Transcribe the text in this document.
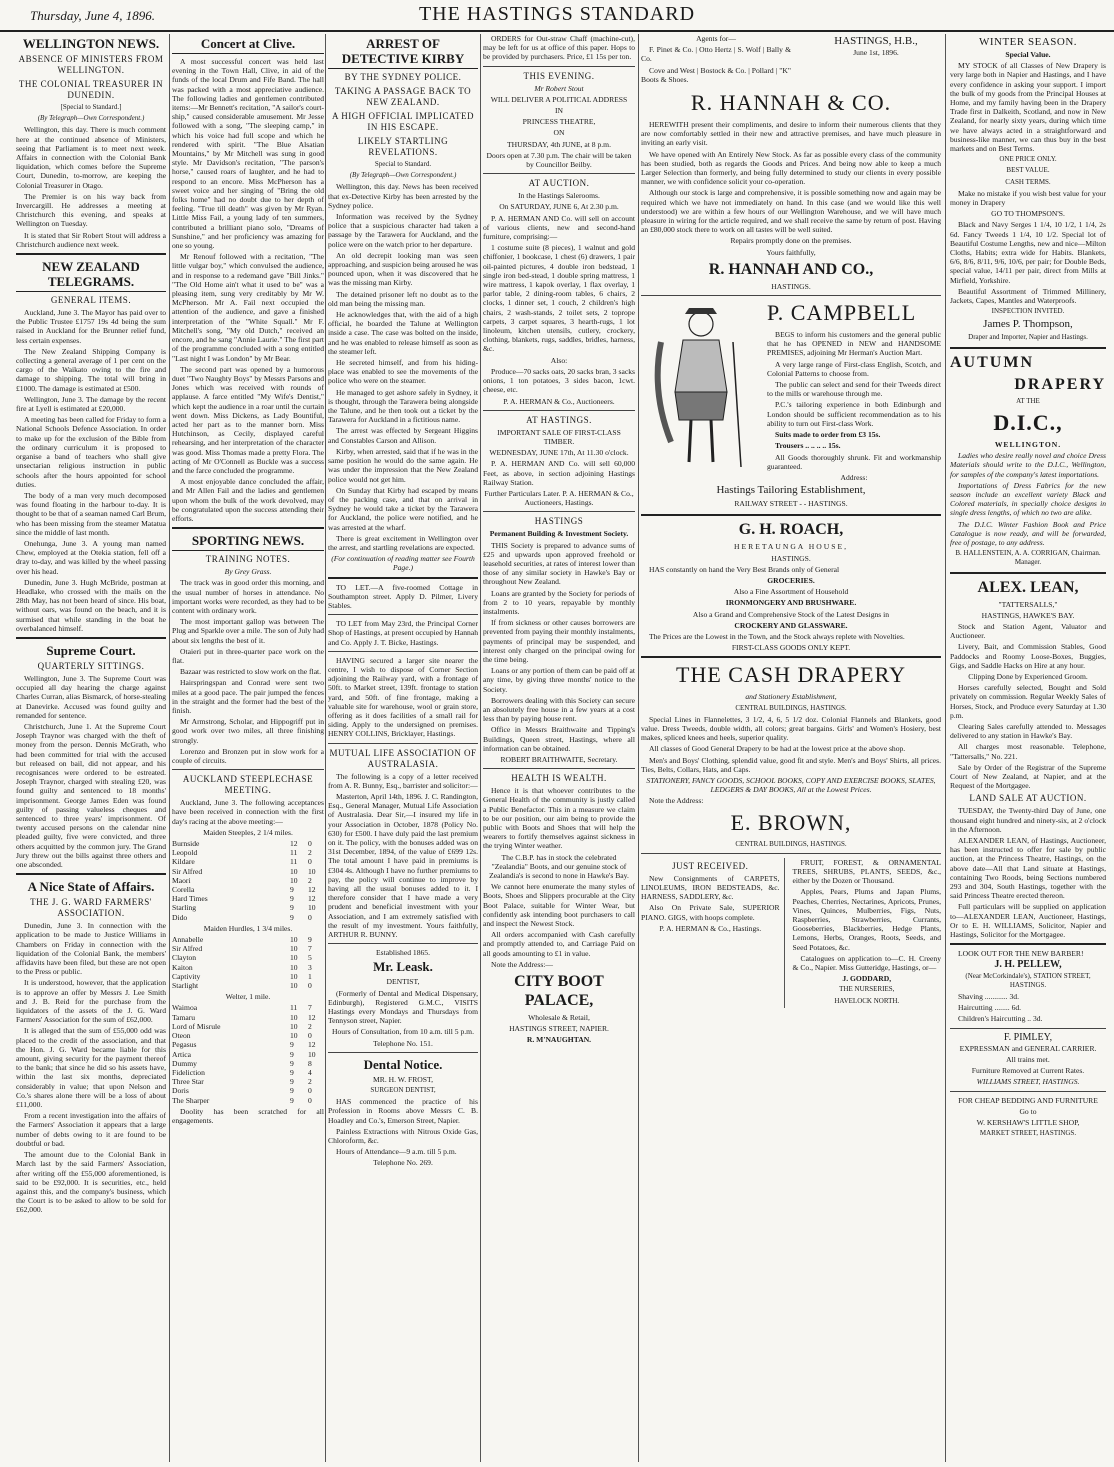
Thursday, June 4, 1896.	THE HASTINGS STANDARD
WELLINGTON NEWS.
ABSENCE OF MINISTERS FROM WELLINGTON.
THE COLONIAL TREASURER IN DUNEDIN.

[Special to Standard.]

(By Telegraph—Own Correspondent.)

Wellington, this day. There is much comment here at the continued absence of Ministers, seeing that Parliament is to meet next week. Affairs in connection with the Colonial Bank liquidation, which comes before the Supreme Court, Dunedin, to-morrow, are keeping the Colonial Treasurer in Otago.

The Premier is on his way back from Invercargill. He addresses a meeting at Christchurch this evening, and speaks at Wellington on Tuesday.

It is stated that Sir Robert Stout will address a Christchurch audience next week.

NEW ZEALAND TELEGRAMS.
GENERAL ITEMS.

Auckland, June 3. The Mayor has paid over to the Public Trustee £1757 19s 4d being the sum raised in Auckland for the Brunner relief fund, less certain expenses.

The New Zealand Shipping Company is collecting a general average of 1 per cent on the cargo of the Waikato owing to the fire and damage to shipping. The total will bring in £1000. The damage is estimated at £500.

Wellington, June 3. The damage by the recent fire at Lyell is estimated at £20,000.

A meeting has been called for Friday to form a National Schools Defence Association. In order to make up for the exclusion of the Bible from the ordinary curriculum it is proposed to organise a band of teachers who shall give unsectarian religious instruction in public schools after the hours appointed for school duties.

The body of a man very much decomposed was found floating in the harbour to-day. It is thought to be that of a seaman named Carl Brum, who has been missing from the steamer Matatua since the middle of last month.

Onehunga, June 3. A young man named Chew, employed at the Otekia station, fell off a dray to-day, and was killed by the wheel passing over his head.

Dunedin, June 3. Hugh McBride, postman at Headlake, who crossed with the mails on the 28th May, has not been heard of since. His boat, without oars, was found on the beach, and it is surmised that while standing in the boat he overbalanced himself.

Supreme Court.
QUARTERLY SITTINGS.

Wellington, June 3. The Supreme Court was occupied all day hearing the charge against Charles Curran, alias Bismarck, of horse-stealing at Danevirke. Accused was found guilty and remanded for sentence.

Christchurch, June 1. At the Supreme Court Joseph Traynor was charged with the theft of money from the person. Dennis McGrath, who had been committed for trial with the accused but released on bail, did not appear, and his recognisances were ordered to be estreated. Joseph Traynor, charged with stealing £20, was found guilty and sentenced to 18 months' imprisonment. George James Eden was found guilty of passing valueless cheques and sentenced to three years' imprisonment. Of twenty accused persons on the calendar nine pleaded guilty, five were convicted, and three others acquitted by the common jury. The Grand Jury threw out the bills against three others and one absconded.

A Nice State of Affairs.
THE J. G. WARD FARMERS' ASSOCIATION.

Dunedin, June 3. In connection with the application to be made to Justice Williams in Chambers on Friday in connection with the liquidation of the Colonial Bank, the members' affidavits have been filed, but these are not open to the Press or public.

It is understood, however, that the application is to approve an offer by Messrs J. Lee Smith and J. B. Reid for the purchase from the liquidators of the assets of the J. G. Ward Farmers' Association for the sum of £62,000.

It is alleged that the sum of £55,000 odd was placed to the credit of the association, and that the Hon. J. G. Ward became liable for this amount, giving security for the payment thereof to the bank; that since he did so his assets have, within the last six months, depreciated considerably in value; that upon Nelson and Co.'s shares alone there will be a loss of about £11,000.

From a recent investigation into the affairs of the Farmers' Association it appears that a large number of debts owing to it are found to be doubtful or bad.

The amount due to the Colonial Bank in March last by the said Farmers' Association, after writing off the £55,000 aforementioned, is said to be £92,000. It is securities, etc., held against this, and the company's business, which the Court is to be asked to allow to be sold for £62,000.

Concert at Clive.

A most successful concert was held last evening in the Town Hall, Clive, in aid of the funds of the local Drum and Fife Band. The hall was packed with a most appreciative audience. The following ladies and gentlemen contributed items:—Mr Bennett's recitation, "A sailor's court-ship," caused considerable amusement. Mr Jesse followed with a song, "The sleeping camp," in which his voice had full scope and which he rendered with spirit. "The Blue Alsatian Mountains," by Mr Mitchell was sung in good style. Mr Davidson's recitation, "The parson's horse," caused roars of laughter, and he had to respond to an encore. Miss McPherson has a sweet voice and her singing of "Bring the old folks home" had no doubt due to her depth of feeling. "True till death" was given by Mr Ryan. Little Miss Fail, a young lady of ten summers, contributed a brilliant piano solo, "Dreams of Sunshine," and her proficiency was amazing for one so young.

Mr Renouf followed with a recitation, "The little vulgar boy," which convulsed the audience, and in response to a redemand gave "Bill Jinks." "The Old Home ain't what it used to be" was a pleasing item, sung very creditably by Mr W. McPherson. Mr A. Fail next occupied the attention of the audience, and gave a finished interpretation of the "White Squall." Mr F. Mitchell's song, "My old Dutch," received an encore, and he sang "Annie Laurie." The first part of the programme concluded with a song entitled "Last night I was London" by Mr Bear.

The second part was opened by a humorous duet "Two Naughty Boys" by Messrs Parsons and Jones which was received with rounds of applause. A farce entitled "My Wife's Dentist," which kept the audience in a roar until the curtain went down. Miss Dickens, as Lady Bountiful, acted her part as to the manner born. Miss Hutchinson, as Cecily, displayed careful rehearsing, and her interpretation of the character was good. Miss Thomas made a pretty Flora. The acting of Mr O'Connell as Buckle was a success and the farce concluded the programme.

A most enjoyable dance concluded the affair, and Mr Allen Fail and the ladies and gentlemen upon whom the bulk of the work devolved, may be congratulated upon the success attending their efforts.

SPORTING NEWS.
TRAINING NOTES.

By Grey Grass.

The track was in good order this morning, and the usual number of horses in attendance. No important works were recorded, as they had to be content with ordinary work.

The most important gallop was between The Plug and Sparkle over a mile. The son of July had about six lengths the best of it.

Otaieri put in three-quarter pace work on the flat.

Bazaar was restricted to slow work on the flat.

Hairspringspan and Conrad were sent two miles at a good pace. The pair jumped the fences in the straight and the former had the best of the finish.

Mr Armstrong, Scholar, and Hippogriff put in good work over two miles, all three finishing strongly.

Lorenzo and Bronzen put in slow work for a couple of circuits.

AUCKLAND STEEPLECHASE MEETING.

Auckland, June 3. The following acceptances have been received in connection with the first day's racing at the above meeting:—

Maiden Steeples, 2 1/4 miles.

Burnside	12	0
Leopold	11	2
Kildare	11	0
Sir Alfred	10	10
Maori	10	2
Corella	9	12
Hard Times	9	12
Starling	9	10
Dido	9	0

Maiden Hurdles, 1 3/4 miles.

Annabelle	10	9
Sir Alfred	10	7
Clayton	10	5
Kaiton	10	3
Captivity	10	1
Starlight	10	0

Welter, 1 mile.

Waimoa	11	7
Tamaru	10	12
Lord of Misrule	10	2
Oteon	10	0
Pegasus	9	12
Artica	9	10
Dummy	9	8
Fideliction	9	4
Three Star	9	2
Doris	9	0
The Sharper	9	0

Doolity has been scratched for all engagements.

ARREST OF DETECTIVE KIRBY
BY THE SYDNEY POLICE.
TAKING A PASSAGE BACK TO NEW ZEALAND.
A HIGH OFFICIAL IMPLICATED IN HIS ESCAPE.
LIKELY STARTLING REVELATIONS.

Special to Standard.

(By Telegraph—Own Correspondent.)

Wellington, this day. News has been received that ex-Detective Kirby has been arrested by the Sydney police.

Information was received by the Sydney police that a suspicious character had taken a passage by the Tarawera for Auckland, and the police were on the watch prior to her departure.

An old decrepit looking man was seen approaching, and suspicion being aroused he was pounced upon, when it was discovered that he was the missing man Kirby.

The detained prisoner left no doubt as to the old man being the missing man.

He acknowledges that, with the aid of a high official, he boarded the Talune at Wellington inside a case. The case was bolted on the inside, and he was enabled to release himself as soon as the steamer left.

He secreted himself, and from his hiding-place was enabled to see the movements of the police who were on the steamer.

He managed to get ashore safely in Sydney, it is thought, through the Tarawera being alongside the Talune, and he then took out a ticket by the Tarawera for Auckland in a fictitious name.

The arrest was effected by Sergeant Higgins and Constables Carson and Allison.

Kirby, when arrested, said that if he was in the same position he would do the same again. He was under the impression that the New Zealand police would not get him.

On Sunday that Kirby had escaped by means of the packing case, and that on arrival in Sydney he would take a ticket by the Tarawera for Auckland, the police were notified, and he was arrested at the wharf.

There is great excitement in Wellington over the arrest, and startling revelations are expected.

(For continuation of reading matter see Fourth Page.)

TO LET.—A five-roomed Cottage in Southampton street. Apply D. Pilmer, Livery Stables.

TO LET from May 23rd, the Principal Corner Shop of Hastings, at present occupied by Hannah and Co. Apply J. T. Bicke, Hastings.

HAVING secured a larger site nearer the centre, I wish to dispose of Corner Section adjoining the Railway yard, with a frontage of 50ft. to Market street, 139ft. frontage to station yard, and 50ft. of fine frontage, making a valuable site for warehouse, wool or grain store, offering as it does facilities of a small rail for siding. Apply to the undersigned on premises. HENRY COLLINS, Bricklayer, Hastings.

MUTUAL LIFE ASSOCIATION OF AUSTRALASIA.

The following is a copy of a letter received from A. R. Bunny, Esq., barrister and solicitor:—

Masterton, April 14th, 1896. J. C. Randington, Esq., General Manager, Mutual Life Association of Australasia. Dear Sir,—I insured my life in your Association in October, 1878 (Policy No. 630) for £500. I have duly paid the last premium on it. The policy, with the bonuses added was on 31st December, 1894, of the value of £699 12s. The total amount I have paid in premiums is £304 4s. Although I have no further premiums to pay, the policy will continue to improve by having all the usual bonuses added to it. I therefore consider that I have made a very prudent and beneficial investment with your Association, and I am extremely satisfied with the result of my investment. Yours faithfully, ARTHUR R. BUNNY.

Established 1865.

Mr. Leask.

DENTIST,

(Formerly of Dental and Medical Dispensary, Edinburgh), Registered G.M.C., VISITS Hastings every Mondays and Thursdays from Tennyson street, Napier.

Hours of Consultation, from 10 a.m. till 5 p.m.

Telephone No. 151.

Dental Notice.

MR. H. W. FROST,

SURGEON DENTIST,

HAS commenced the practice of his Profession in Rooms above Messrs C. B. Hoadley and Co.'s, Emerson Street, Napier.

Painless Extractions with Nitrous Oxide Gas, Chloroform, &c.

Hours of Attendance—9 a.m. till 5 p.m.

Telephone No. 269.

ORDERS for Out-straw Chaff (machine-cut), may be left for us at office of this paper. Hops to be provided by purchasers. Price, £1 15s per ton.

THIS EVENING.

Mr Robert Stout

WILL DELIVER A POLITICAL ADDRESS

IN

PRINCESS THEATRE,

ON

THURSDAY, 4th JUNE, at 8 p.m.

Doors open at 7.30 p.m. The chair will be taken by Councillor Beilby.

AT AUCTION.

In the Hastings Salerooms.

On SATURDAY, JUNE 6, At 2.30 p.m.

P. A. HERMAN AND Co. will sell on account of various clients, new and second-hand furniture, comprising:—

1 costume suite (8 pieces), 1 walnut and gold chiffonier, 1 bookcase, 1 chest (6) drawers, 1 pair oil-painted pictures, 4 double iron bedstead, 1 single iron bed-stead, 1 double spring mattress, 1 wire mattress, 1 kapok overlay, 1 flax overlay, 1 parlor table, 2 dining-room tables, 6 chairs, 2 clocks, 1 dinner set, 1 couch, 2 children's high chairs, 2 wash-stands, 2 toilet sets, 2 toprope carpets, 3 carpet squares, 3 hearth-rugs, 1 lot linoleum, kitchen utensils, cutlery, crockery, clothing, blankets, rugs, saddles, bridles, harness, &c.

Also:

Produce—70 sacks oats, 20 sacks bran, 3 sacks onions, 1 ton potatoes, 3 sides bacon, 1cwt. cheese, etc.

P. A. HERMAN & Co., Auctioneers.

AT HASTINGS.

IMPORTANT SALE OF FIRST-CLASS TIMBER.

WEDNESDAY, JUNE 17th, At 11.30 o'clock.

P. A. HERMAN AND Co. will sell 60,000 Feet, as above, in section adjoining Hastings Railway Station.

Further Particulars Later. P. A. HERMAN & Co., Auctioneers, Hastings.

HASTINGS

Permanent Building & Investment Society.

THIS Society is prepared to advance sums of £25 and upwards upon approved freehold or leasehold securities, at rates of interest lower than those of any similar society in Hawke's Bay or throughout New Zealand.

Loans are granted by the Society for periods of from 2 to 10 years, repayable by monthly instalments.

If from sickness or other causes borrowers are prevented from paying their monthly instalments, payments of principal may be suspended, and interest only charged on the principal owing for the time being.

Loans or any portion of them can be paid off at any time, by giving three months' notice to the Society.

Borrowers dealing with this Society can secure an absolutely free house in a few years at a cost less than by paying house rent.

Office in Messrs Braithwaite and Tipping's Buildings, Queen street, Hastings, where all information can be obtained.

ROBERT BRAITHWAITE, Secretary.

HEALTH IS WEALTH.

Hence it is that whoever contributes to the General Health of the community is justly called a Public Benefactor. This in a measure we claim to be our position, our aim being to provide the public with Boots and Shoes that will help the wearers to fortify themselves against sickness in the trying Winter weather.

The C.B.P. has in stock the celebrated "Zealandia" Boots, and our genuine stock of Zealandia's is second to none in Hawke's Bay.

We cannot here enumerate the many styles of Boots, Shoes and Slippers procurable at the City Boot Palace, suitable for Winter Wear, but confidently ask intending boot purchasers to call and inspect the Newest Stock.

All orders accompanied with Cash carefully and promptly attended to, and Carriage Paid on all goods amounting to £1 in value.

Note the Address:—

CITY BOOT PALACE,

Wholesale & Retail,

HASTINGS STREET, NAPIER.

R. M'NAUGHTAN.

Agents for—

F. Pinet & Co. | Otto Hertz | S. Wolf | Bally & Co.

Cove and West | Bostock & Co. | Pollard | "K" Boots & Shoes.

HASTINGS, H.B.,
June 1st, 1896.
R. HANNAH & CO.

HEREWITH present their compliments, and desire to inform their numerous clients that they are now comfortably settled in their new and attractive premises, and have much pleasure in inviting an early visit.

We have opened with An Entirely New Stock. As far as possible every class of the community has been studied, both as regards the Goods and Prices. And being now able to keep a much Larger Selection than formerly, and being fully determined to study our clients in every possible manner, we with confidence solicit your co-operation.

Although our stock is large and comprehensive, it is possible something now and again may be required which we have not immediately on hand. In this case (and we would like this well understood) we are within a few hours of our Wellington Warehouse, and we will have much pleasure in wiring for the article required, and we shall receive the same by return of post. Having an £80,000 stock there to work on all tastes will be well suited.

Repairs promptly done on the premises.

Yours faithfully,

R. HANNAH AND CO.,

HASTINGS.

P. CAMPBELL

BEGS to inform his customers and the general public that he has OPENED in NEW and HANDSOME PREMISES, adjoining Mr Herman's Auction Mart.

A very large range of First-class English, Scotch, and Colonial Patterns to choose from.

The public can select and send for their Tweeds direct to the mills or warehouse through me.

P.C.'s tailoring experience in both Edinburgh and London should be sufficient recommendation as to his ability to turn out First-class Work.

Suits made to order from £3 15s.

Trousers .. .. .. .. 15s.

All Goods thoroughly shrunk. Fit and workmanship guaranteed.

Address:

Hastings Tailoring Establishment,

RAILWAY STREET - - HASTINGS.

G. H. ROACH,

HERETAUNGA HOUSE,

HASTINGS.

HAS constantly on hand the Very Best Brands only of General

GROCERIES.

Also a Fine Assortment of Household

IRONMONGERY AND BRUSHWARE.

Also a Grand and Comprehensive Stock of the Latest Designs in

CROCKERY AND GLASSWARE.

The Prices are the Lowest in the Town, and the Stock always replete with Novelties.

FIRST-CLASS GOODS ONLY KEPT.

THE CASH DRAPERY

and Stationery Establishment,

CENTRAL BUILDINGS, HASTINGS.

Special Lines in Flannelettes, 3 1/2, 4, 6, 5 1/2 doz. Colonial Flannels and Blankets, good value. Dress Tweeds, double width, all colors; great bargains. Girls' and Women's Hosiery, best makes, spliced knees and heels, superior quality.

All classes of Good General Drapery to be had at the lowest price at the above shop.

Men's and Boys' Clothing, splendid value, good fit and style. Men's and Boys' Shirts, all prices. Ties, Belts, Collars, Hats, and Caps.

STATIONERY, FANCY GOODS, SCHOOL BOOKS, COPY AND EXERCISE BOOKS, SLATES, LEDGERS & DAY BOOKS, All at the Lowest Prices.

Note the Address:

E. BROWN,

CENTRAL BUILDINGS, HASTINGS.

JUST RECEIVED.

New Consignments of CARPETS, LINOLEUMS, IRON BEDSTEADS, &c. HARNESS, SADDLERY, &c.

Also On Private Sale, SUPERIOR PIANO. GIGS, with hoops complete.

P. A. HERMAN & Co., Hastings.

FRUIT, FOREST, & ORNAMENTAL TREES, SHRUBS, PLANTS, SEEDS, &c., either by the Dozen or Thousand.

Apples, Pears, Plums and Japan Plums, Peaches, Cherries, Nectarines, Apricots, Prunes, Vines, Quinces, Mulberries, Figs, Nuts, Raspberries, Strawberries, Currants, Gooseberries, Blackberries, Hedge Plants, Lemons, Herbs, Oranges, Roots, Seeds, and Seed Potatoes, &c.

Catalogues on application to—C. H. Creeny & Co., Napier. Miss Gutteridge, Hastings, or—

J. GODDARD,

THE NURSERIES,

HAVELOCK NORTH.

WINTER SEASON.

Special Value.

MY STOCK of all Classes of New Drapery is very large both in Napier and Hastings, and I have every confidence in asking your support. I import the bulk of my goods from the Principal Houses at Home, and my family having been in the Drapery Trade first in Dalkeith, Scotland, and now in New Zealand, for nearly sixty years, during which time we have always acted in a straightforward and business-like manner, we can thus buy in the best markets and on Best Terms.

ONE PRICE ONLY.

BEST VALUE.

CASH TERMS.

Make no mistake if you wish best value for your money in Drapery

GO TO THOMPSON'S.

Black and Navy Serges 1 1/4, 10 1/2, 1 1/4, 2s 6d. Fancy Tweeds 1 1/4, 10 1/2. Special lot of Beautiful Costume Lengths, new and nice—Milton Cloths, Habits; extra wide for Habits. Blankets, 6/6, 8/6, 8/11, 9/6, 10/6, per pair; for Double Beds, special value, 14/11 per pair, direct from Mills at Mirfield, Yorkshire.

Beautiful Assortment of Trimmed Millinery, Jackets, Capes, Mantles and Waterproofs.

INSPECTION INVITED.

James P. Thompson,

Draper and Importer, Napier and Hastings.

AUTUMN
DRAPERY

AT THE

D.I.C.,

WELLINGTON.

Ladies who desire really novel and choice Dress Materials should write to the D.I.C., Wellington, for samples of the company's latest importations.

Importations of Dress Fabrics for the new season include an excellent variety Black and Colored materials, in specially choice designs in single dress lengths, of which no two are alike.

The D.I.C. Winter Fashion Book and Price Catalogue is now ready, and will be forwarded, free of postage, to any address.

B. HALLENSTEIN, A. A. CORRIGAN, Chairman. Manager.

ALEX. LEAN,

"TATTERSALLS,"

HASTINGS, HAWKE'S BAY.

Stock and Station Agent, Valuator and Auctioneer.

Livery, Bait, and Commission Stables, Good Paddocks and Roomy Loose-Boxes, Buggies, Gigs, and Saddle Hacks on Hire at any hour.

Clipping Done by Experienced Groom.

Horses carefully selected, Bought and Sold privately on commission. Regular Weekly Sales of Horses, Stock, and Produce every Saturday at 1.30 p.m.

Clearing Sales carefully attended to. Messages delivered to any station in Hawke's Bay.

All charges most reasonable. Telephone, "Tattersalls," No. 221.

Sale by Order of the Registrar of the Supreme Court of New Zealand, at Napier, and at the Request of the Mortgagee.

LAND SALE AT AUCTION.

TUESDAY, the Twenty-third Day of June, one thousand eight hundred and ninety-six, at 2 o'clock in the Afternoon.

ALEXANDER LEAN, of Hastings, Auctioneer, has been instructed to offer for sale by public auction, at the Princess Theatre, Hastings, on the above date—All that Land situate at Hastings, containing Two Roods, being Sections numbered 293 and 304, South Hastings, together with the said Princess Theatre erected thereon.

Full particulars will be supplied on application to—ALEXANDER LEAN, Auctioneer, Hastings, Or to E. H. WILLIAMS, Solicitor, Napier and Hastings, Solicitor for the Mortgagee.

LOOK OUT FOR THE NEW BARBER!

J. H. PELLEW,

(Near McCorkindale's), STATION STREET, HASTINGS.

Shaving ............ 3d.

Haircutting ........ 6d.

Children's Haircutting .. 3d.

F. PIMLEY,

EXPRESSMAN and GENERAL CARRIER.

All trains met.

Furniture Removed at Current Rates.

WILLIAMS STREET, HASTINGS.

FOR CHEAP BEDDING AND FURNITURE

Go to

W. KERSHAW'S LITTLE SHOP,

MARKET STREET, HASTINGS.
